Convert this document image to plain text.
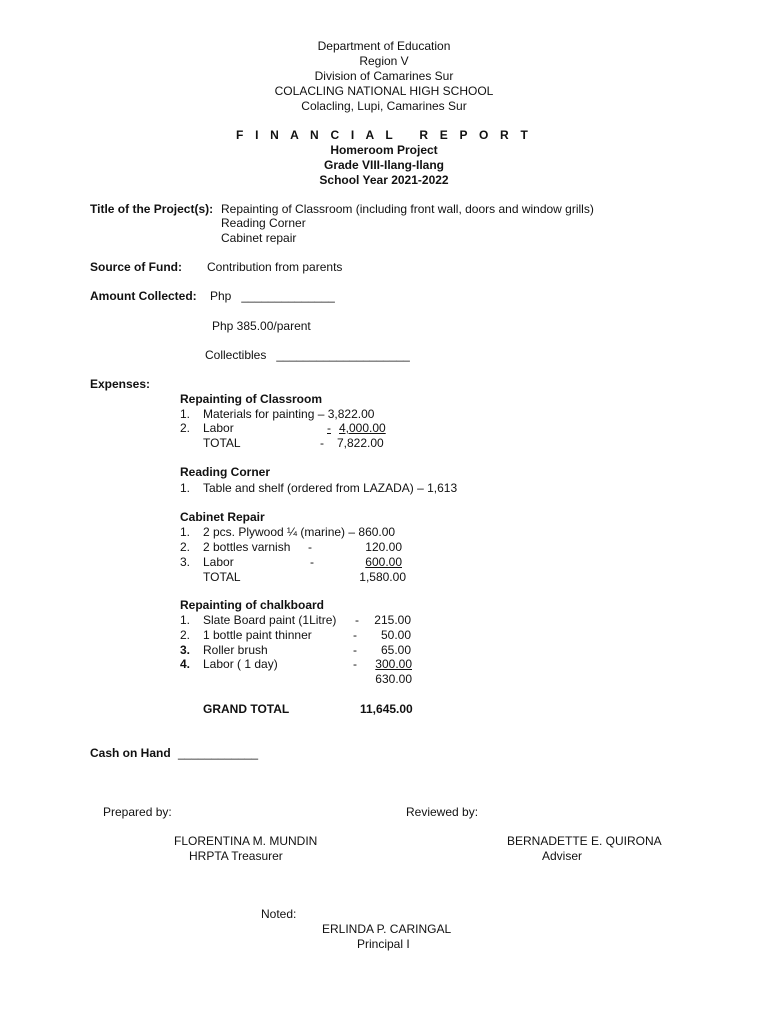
Department of Education
Region V
Division of Camarines Sur
COLACLING NATIONAL HIGH SCHOOL
Colacling, Lupi, Camarines Sur
F I N A N C I A L   R E P O R T
Homeroom Project
Grade VIII-Ilang-Ilang
School Year 2021-2022
Title of the Project(s): Repainting of Classroom (including front wall, doors and window grills)
Reading Corner
Cabinet repair
Source of Fund: Contribution from parents
Amount Collected: Php   ______________
Php 385.00/parent
Collectibles   ____________________
Expenses:
Repainting of Classroom
1. Materials for painting – 3,822.00
2. Labor	- 4,000.00
TOTAL	- 7,822.00
Reading Corner
1. Table and shelf (ordered from LAZADA) – 1,613
Cabinet Repair
1. 2 pcs. Plywood ¼ (marine) – 860.00
2. 2 bottles varnish -	120.00
3. Labor	-	600.00
TOTAL	1,580.00
Repainting of chalkboard
1. Slate Board paint (1Litre) -	215.00
2. 1 bottle paint thinner	-	50.00
3. Roller brush	-	65.00
4. Labor ( 1 day)	-	300.00
630.00
GRAND TOTAL	11,645.00
Cash on Hand ____________
Prepared by:	Reviewed by:
FLORENTINA M. MUNDIN
HRPTA Treasurer
BERNADETTE E. QUIRONA
Adviser
Noted:
ERLINDA P. CARINGAL
Principal I
